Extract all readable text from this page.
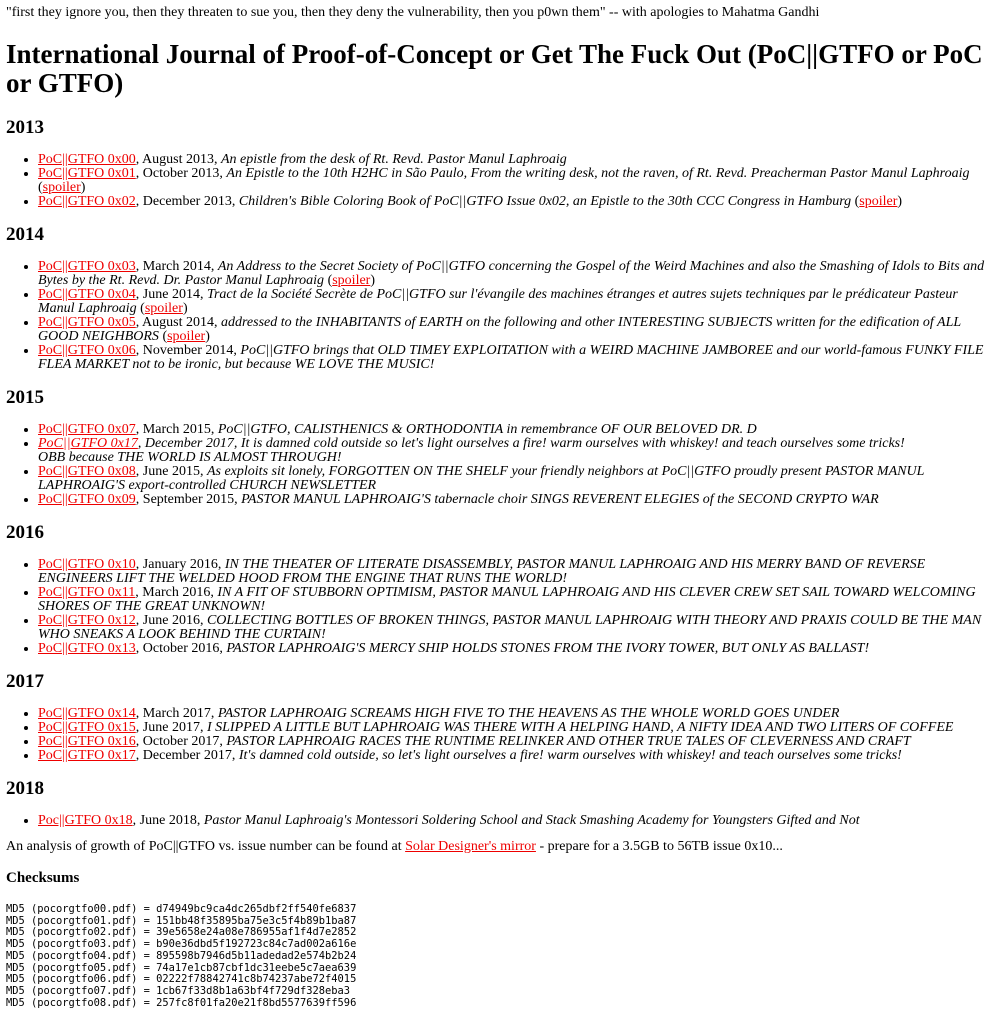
"first they ignore you, then they threaten to sue you, then they deny the vulnerability, then you p0wn them" -- with apologies to Mahatma Gandhi
International Journal of Proof-of-Concept or Get The Fuck Out (PoC||GTFO or PoC or GTFO)
2013
• PoC||GTFO 0x00, August 2013, An epistle from the desk of Rt. Revd. Pastor Manul Laphroaig
• PoC||GTFO 0x01, October 2013, An Epistle to the 10th H2HC in São Paulo, From the writing desk, not the raven, of Rt. Revd. Preacherman Pastor Manul Laphroaig (spoiler)
• PoC||GTFO 0x02, December 2013, Children's Bible Coloring Book of PoC||GTFO Issue 0x02, an Epistle to the 30th CCC Congress in Hamburg (spoiler)
2014
• PoC||GTFO 0x03, March 2014, An Address to the Secret Society of PoC||GTFO concerning the Gospel of the Weird Machines and also the Smashing of Idols to Bits and Bytes by the Rt. Revd. Dr. Pastor Manul Laphroaig (spoiler)
• PoC||GTFO 0x04, June 2014, Tract de la Société Secrète de PoC||GTFO sur l'évangile des machines étranges et autres sujets techniques par le prédicateur Pasteur Manul Laphroaig (spoiler)
• PoC||GTFO 0x05, August 2014, addressed to the INHABITANTS of EARTH on the following and other INTERESTING SUBJECTS written for the edification of ALL GOOD NEIGHBORS (spoiler)
• PoC||GTFO 0x06, November 2014, PoC||GTFO brings that OLD TIMEY EXPLOITATION with a WEIRD MACHINE JAMBOREE and our world-famous FUNKY FILE FLEA MARKET not to be ironic, but because WE LOVE THE MUSIC!
2015
• PoC||GTFO 0x07, March 2015, PoC||GTFO, CALISTHENICS & ORTHODONTIA in remembrance OF OUR BELOVED DR. D
• PoC||GTFO 0x17, December 2017, It is damned cold outside so let's light ourselves a fire! warm ourselves with whiskey! and teach ourselves some tricks!
OBB because THE WORLD IS ALMOST THROUGH!
• PoC||GTFO 0x08, June 2015, As exploits sit lonely, FORGOTTEN ON THE SHELF your friendly neighbors at PoC||GTFO proudly present PASTOR MANUL LAPHROAIG'S export-controlled CHURCH NEWSLETTER
• PoC||GTFO 0x09, September 2015, PASTOR MANUL LAPHROAIG'S tabernacle choir SINGS REVERENT ELEGIES of the SECOND CRYPTO WAR
2016
• PoC||GTFO 0x10, January 2016, IN THE THEATER OF LITERATE DISASSEMBLY, PASTOR MANUL LAPHROAIG AND HIS MERRY BAND OF REVERSE ENGINEERS LIFT THE WELDED HOOD FROM THE ENGINE THAT RUNS THE WORLD!
• PoC||GTFO 0x11, March 2016, IN A FIT OF STUBBORN OPTIMISM, PASTOR MANUL LAPHROAIG AND HIS CLEVER CREW SET SAIL TOWARD WELCOMING SHORES OF THE GREAT UNKNOWN!
• PoC||GTFO 0x12, June 2016, COLLECTING BOTTLES OF BROKEN THINGS, PASTOR MANUL LAPHROAIG WITH THEORY AND PRAXIS COULD BE THE MAN WHO SNEAKS A LOOK BEHIND THE CURTAIN!
• PoC||GTFO 0x13, October 2016, PASTOR LAPHROAIG'S MERCY SHIP HOLDS STONES FROM THE IVORY TOWER, BUT ONLY AS BALLAST!
2017
• PoC||GTFO 0x14, March 2017, PASTOR LAPHROAIG SCREAMS HIGH FIVE TO THE HEAVENS AS THE WHOLE WORLD GOES UNDER
• PoC||GTFO 0x15, June 2017, I SLIPPED A LITTLE BUT LAPHROAIG WAS THERE WITH A HELPING HAND, A NIFTY IDEA AND TWO LITERS OF COFFEE
• PoC||GTFO 0x16, October 2017, PASTOR LAPHROAIG RACES THE RUNTIME RELINKER AND OTHER TRUE TALES OF CLEVERNESS AND CRAFT
• PoC||GTFO 0x17, December 2017, It's damned cold outside, so let's light ourselves a fire! warm ourselves with whiskey! and teach ourselves some tricks!
2018
• Poc||GTFO 0x18, June 2018, Pastor Manul Laphroaig's Montessori Soldering School and Stack Smashing Academy for Youngsters Gifted and Not
An analysis of growth of PoC||GTFO vs. issue number can be found at Solar Designer's mirror - prepare for a 3.5GB to 56TB issue 0x10...
Checksums
MD5 (pocorgtfo00.pdf) = d74949bc9ca4dc265dbf2ff540fe6837
MD5 (pocorgtfo01.pdf) = 151bb48f35895ba75e3c5f4b89b1ba87
MD5 (pocorgtfo02.pdf) = 39e5658e24a08e786955af1f4d7e2852
MD5 (pocorgtfo03.pdf) = b90e36dbd5f192723c84c7ad002a616e
MD5 (pocorgtfo04.pdf) = 895598b7946d5b11adedad2e574b2b24
MD5 (pocorgtfo05.pdf) = 74a17e1cb87cbf1dc31eebe5c7aea639
MD5 (pocorgtfo06.pdf) = 02222f78842741c8b74237abe72f4015
MD5 (pocorgtfo07.pdf) = 1cb67f33d8b1a63bf4f729df328eba3
MD5 (pocorgtfo08.pdf) = 257fc8f01fa20e21f8bd5577639ff596
